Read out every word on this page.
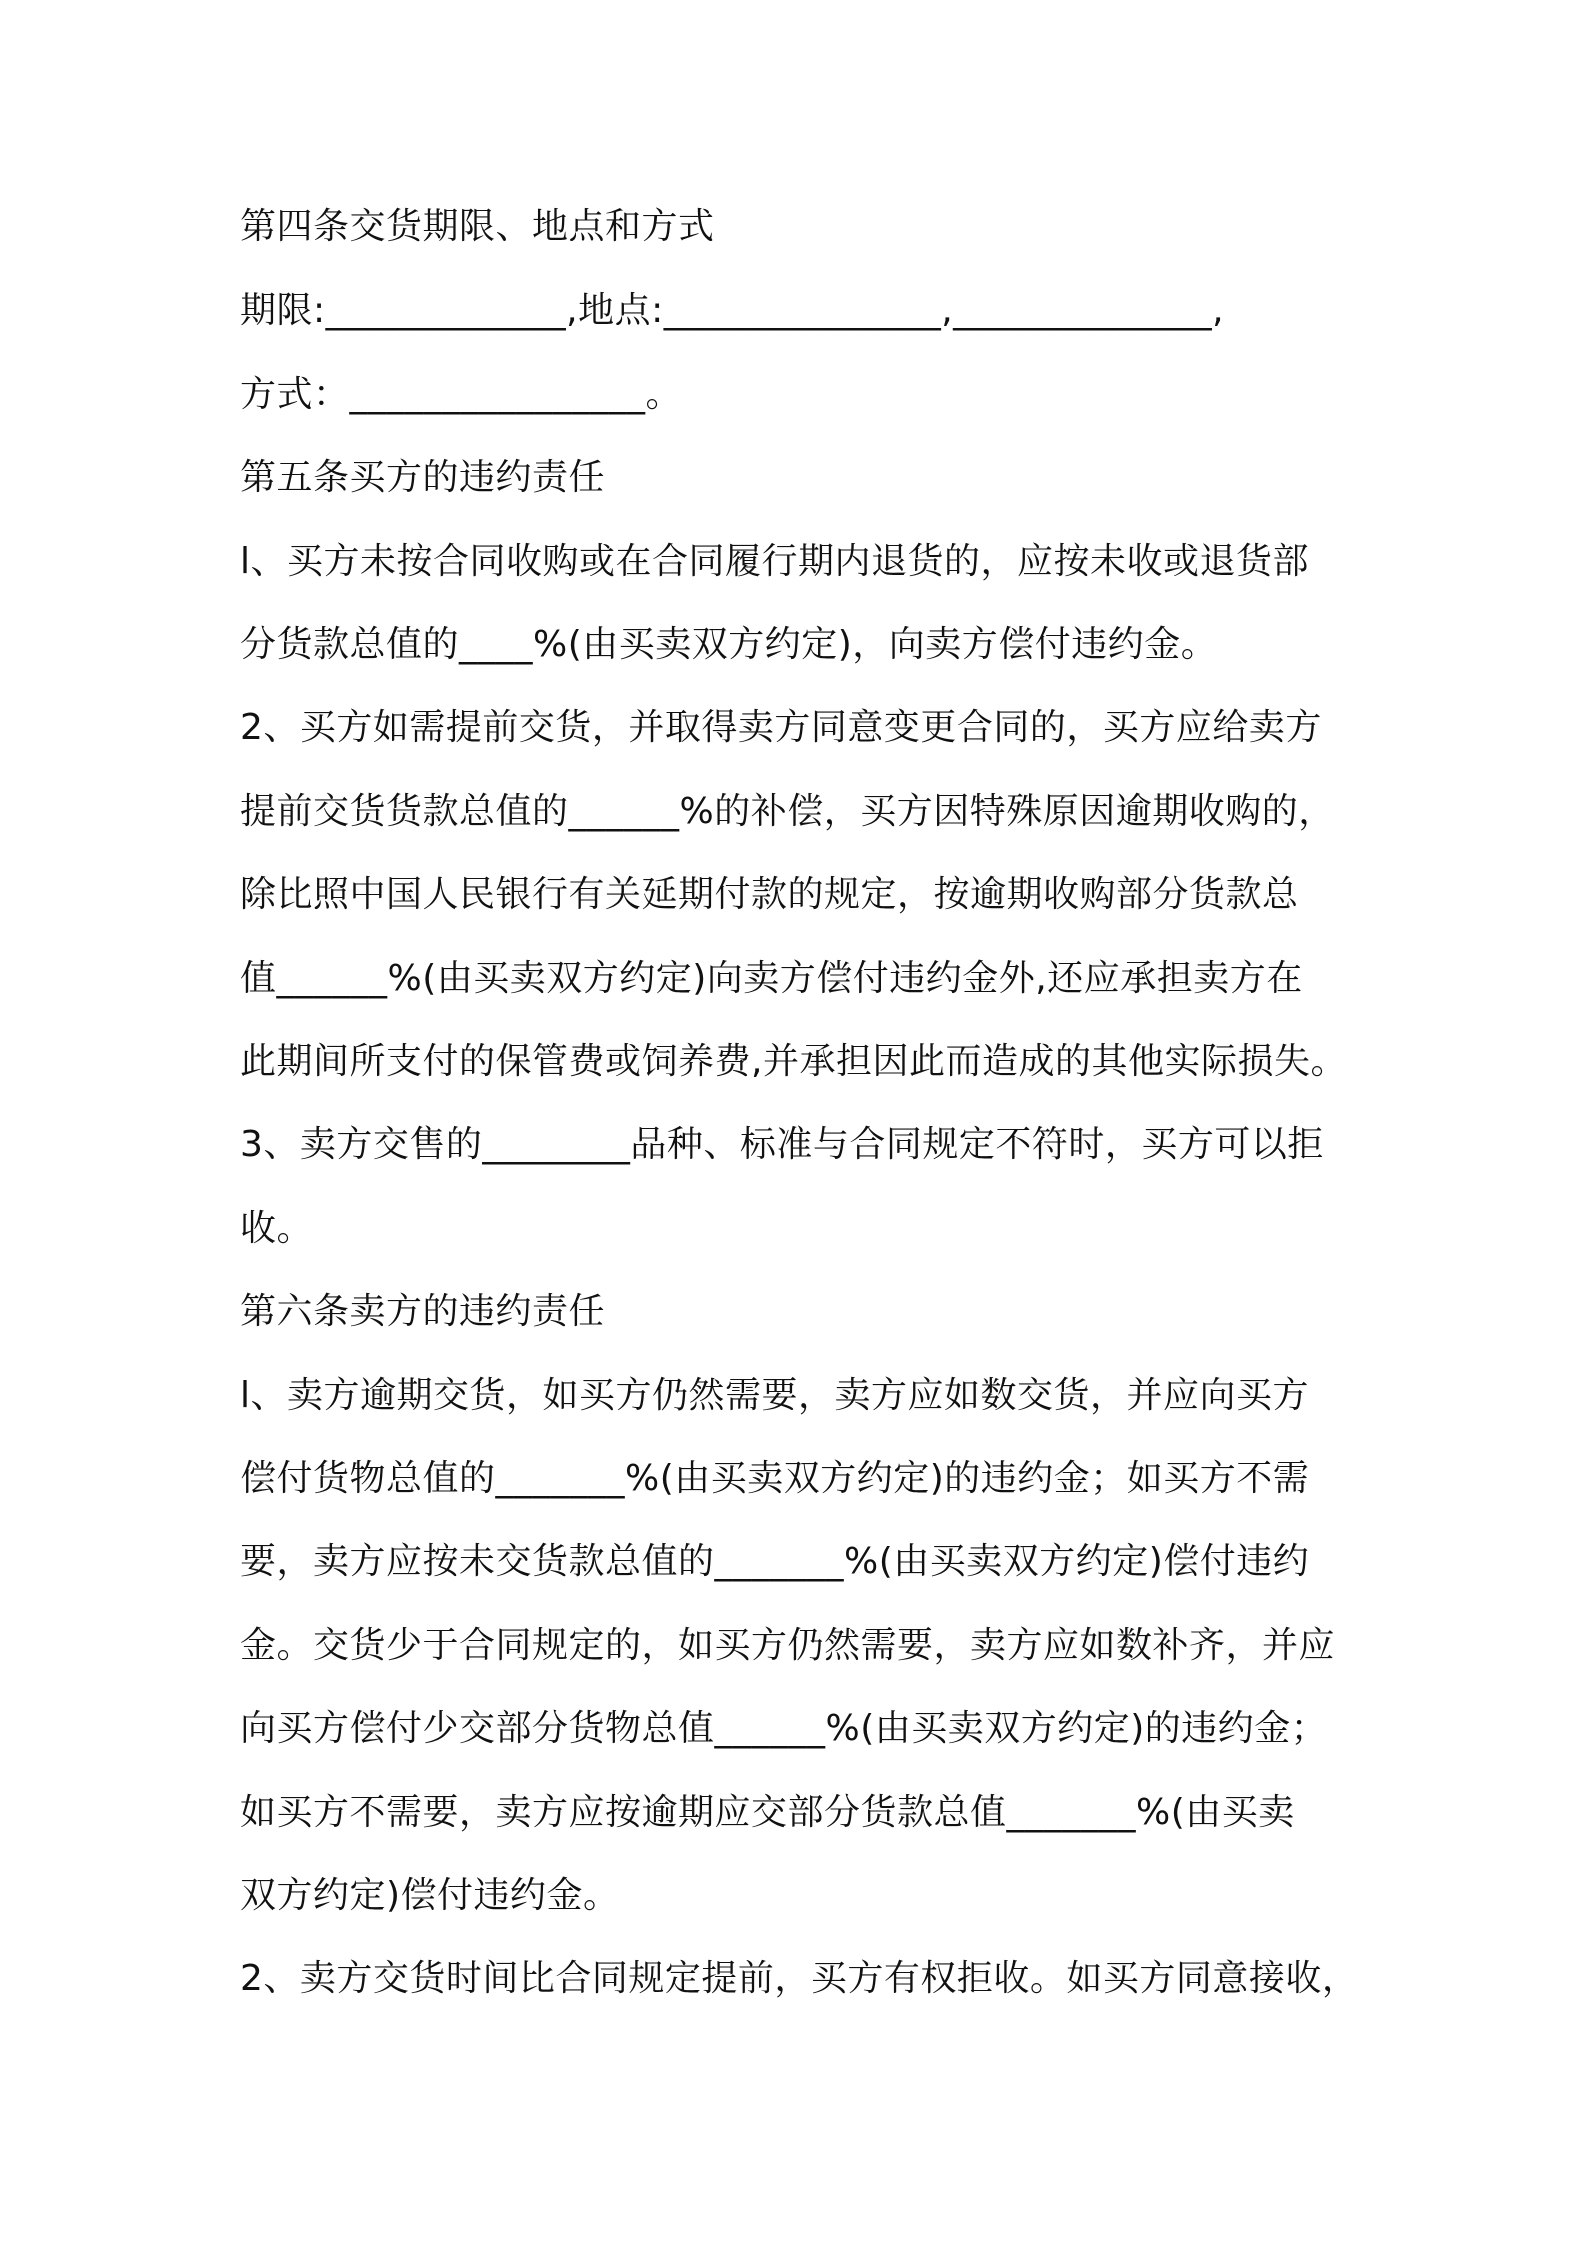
第四条交货期限、地点和方式
期限:_____________,地点:_______________,______________,
方式：________________。
第五条买方的违约责任
l、买方未按合同收购或在合同履行期内退货的，应按未收或退货部
分货款总值的____%(由买卖双方约定)，向卖方偿付违约金。
2、买方如需提前交货，并取得卖方同意变更合同的，买方应给卖方
提前交货货款总值的______%的补偿，买方因特殊原因逾期收购的，
除比照中国人民银行有关延期付款的规定，按逾期收购部分货款总
值______%(由买卖双方约定)向卖方偿付违约金外,还应承担卖方在
此期间所支付的保管费或饲养费,并承担因此而造成的其他实际损失。
3、卖方交售的________品种、标准与合同规定不符时，买方可以拒
收。
第六条卖方的违约责任
l、卖方逾期交货，如买方仍然需要，卖方应如数交货，并应向买方
偿付货物总值的_______%(由买卖双方约定)的违约金；如买方不需
要，卖方应按未交货款总值的_______%(由买卖双方约定)偿付违约
金。交货少于合同规定的，如买方仍然需要，卖方应如数补齐，并应
向买方偿付少交部分货物总值______%(由买卖双方约定)的违约金；
如买方不需要，卖方应按逾期应交部分货款总值_______%(由买卖
双方约定)偿付违约金。
2、卖方交货时间比合同规定提前，买方有权拒收。如买方同意接收，
